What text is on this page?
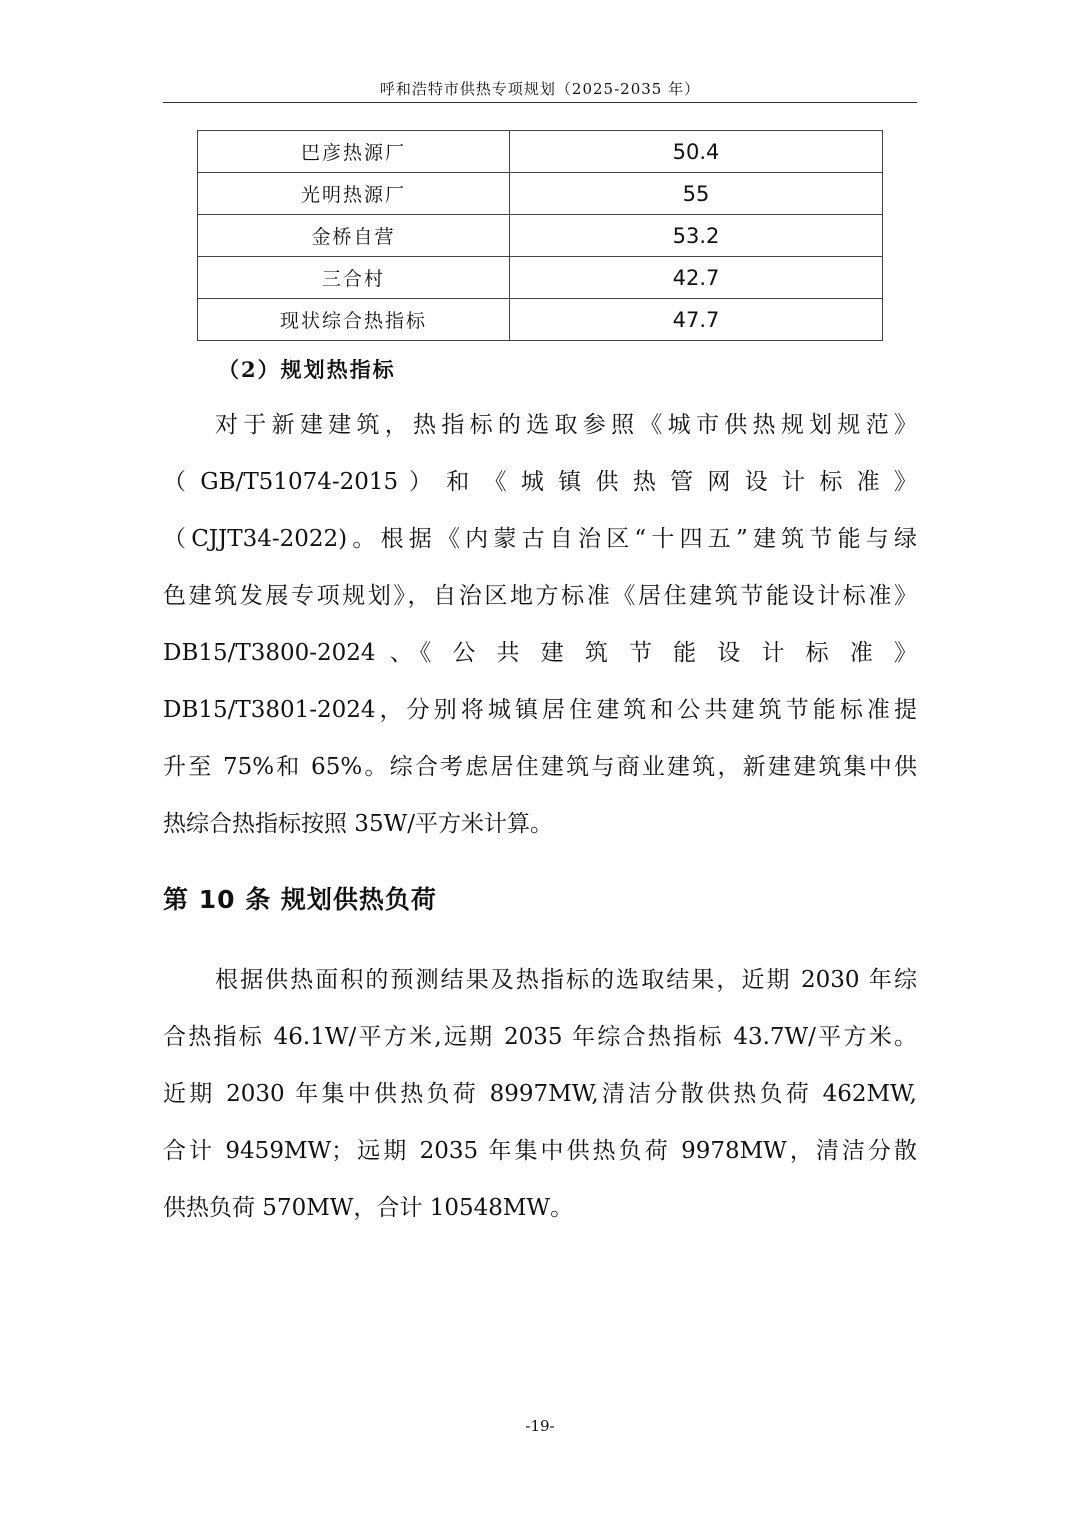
呼和浩特市供热专项规划（2025-2035 年）
巴彦热源厂	50.4
光明热源厂	55
金桥自营	53.2
三合村	42.7
现状综合热指标	47.7
（2）规划热指标

对于新建建筑，热指标的选取参照《城市供热规划规范》
（ GB/T51074-2015 ） 和 《 城 镇 供 热 管 网 设 计 标 准 》
（CJJT34-2022)。根据《内蒙古自治区“十四五”建筑节能与绿
色建筑发展专项规划》，自治区地方标准《居住建筑节能设计标准》
DB15/T3800-2024 、《 公 共 建 筑 节 能 设 计 标 准 》
DB15/T3801-2024，分别将城镇居住建筑和公共建筑节能标准提
升至 75%和 65%。综合考虑居住建筑与商业建筑，新建建筑集中供
热综合热指标按照 35W/平方米计算。

第 10 条 规划供热负荷

根据供热面积的预测结果及热指标的选取结果，近期 2030 年综
合热指标 46.1W/平方米,远期 2035 年综合热指标 43.7W/平方米。
近期 2030 年集中供热负荷 8997MW,清洁分散供热负荷 462MW,
合计 9459MW；远期 2035 年集中供热负荷 9978MW，清洁分散
供热负荷 570MW，合计 10548MW。

-19-
